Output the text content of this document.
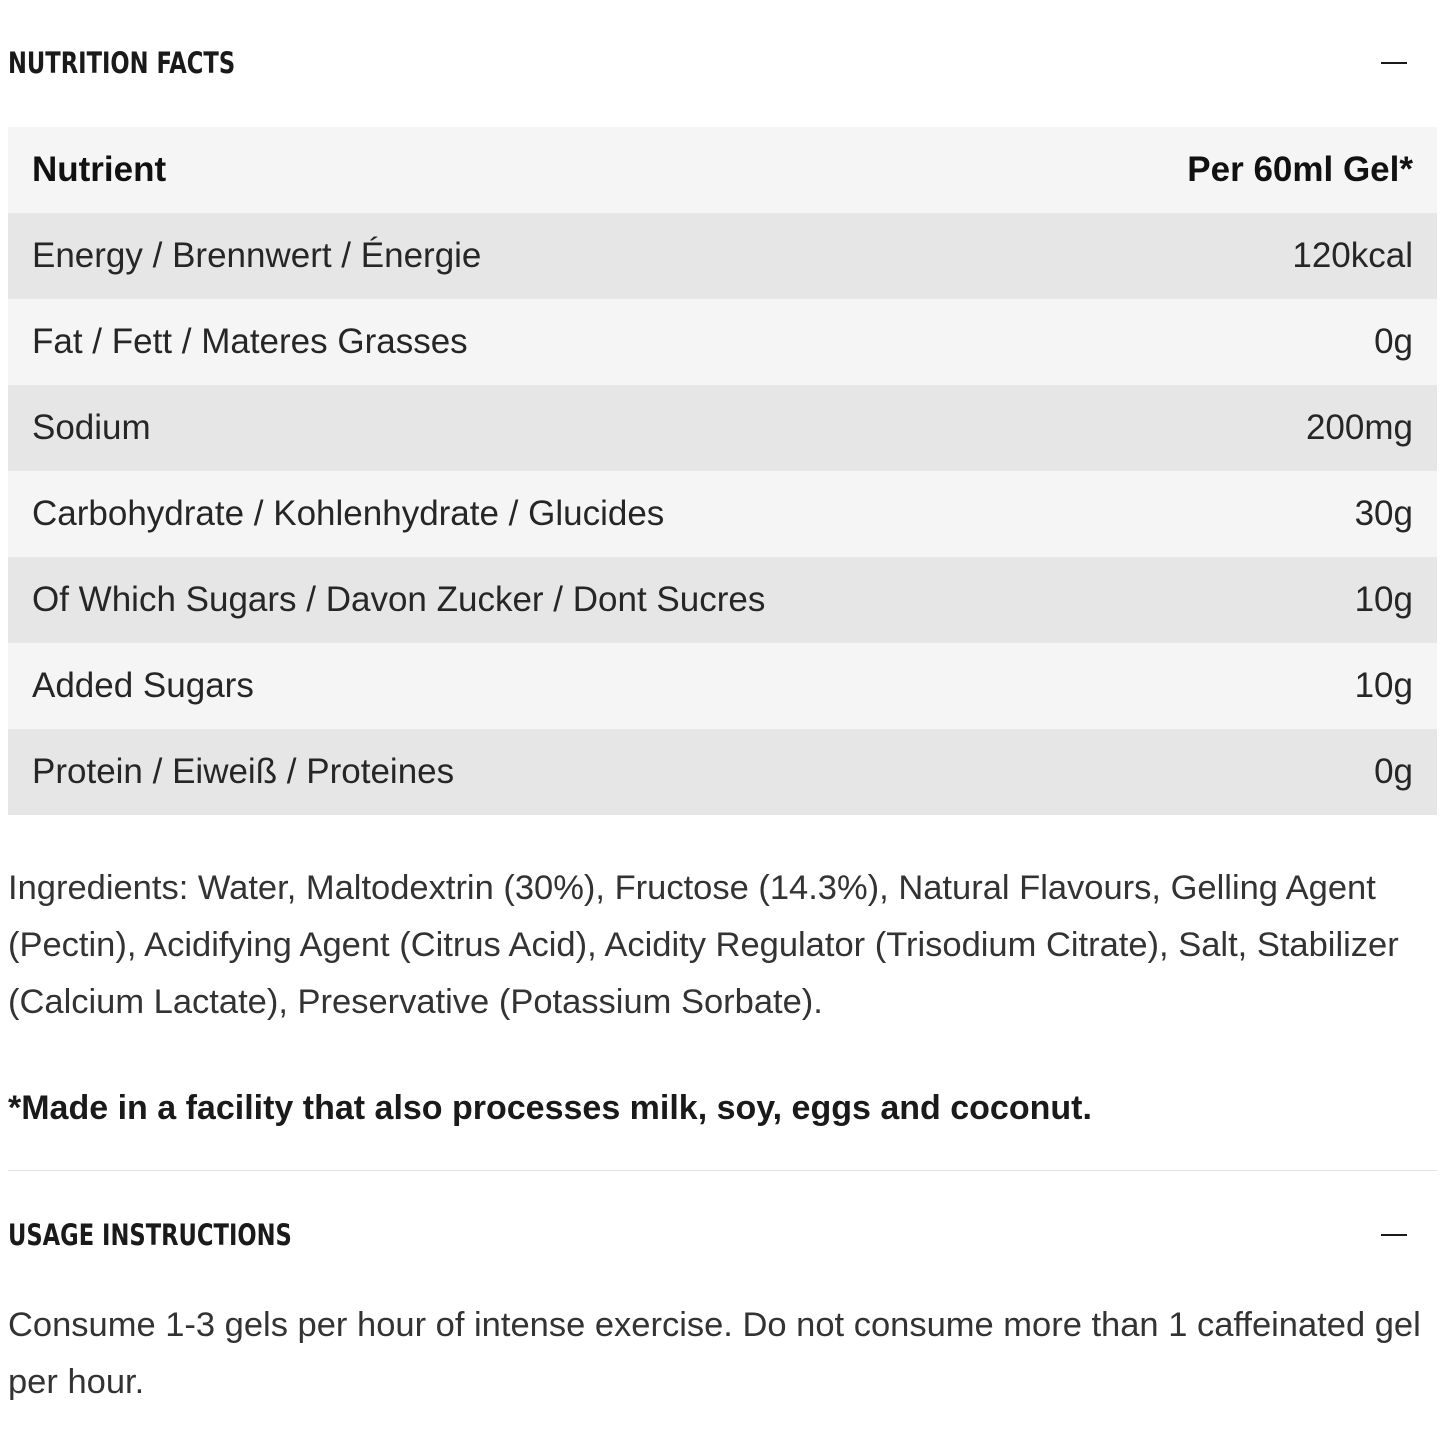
NUTRITION FACTS
Nutrient	Per 60ml Gel*
Energy / Brennwert / Énergie	120kcal
Fat / Fett / Materes Grasses	0g
Sodium	200mg
Carbohydrate / Kohlenhydrate / Glucides	30g
Of Which Sugars / Davon Zucker / Dont Sucres	10g
Added Sugars	10g
Protein / Eiweiß / Proteines	0g

Ingredients: Water, Maltodextrin (30%), Fructose (14.3%), Natural Flavours, Gelling Agent (Pectin), Acidifying Agent (Citrus Acid), Acidity Regulator (Trisodium Citrate), Salt, Stabilizer (Calcium Lactate), Preservative (Potassium Sorbate).

*Made in a facility that also processes milk, soy, eggs and coconut.

USAGE INSTRUCTIONS

Consume 1-3 gels per hour of intense exercise. Do not consume more than 1 caffeinated gel per hour.
